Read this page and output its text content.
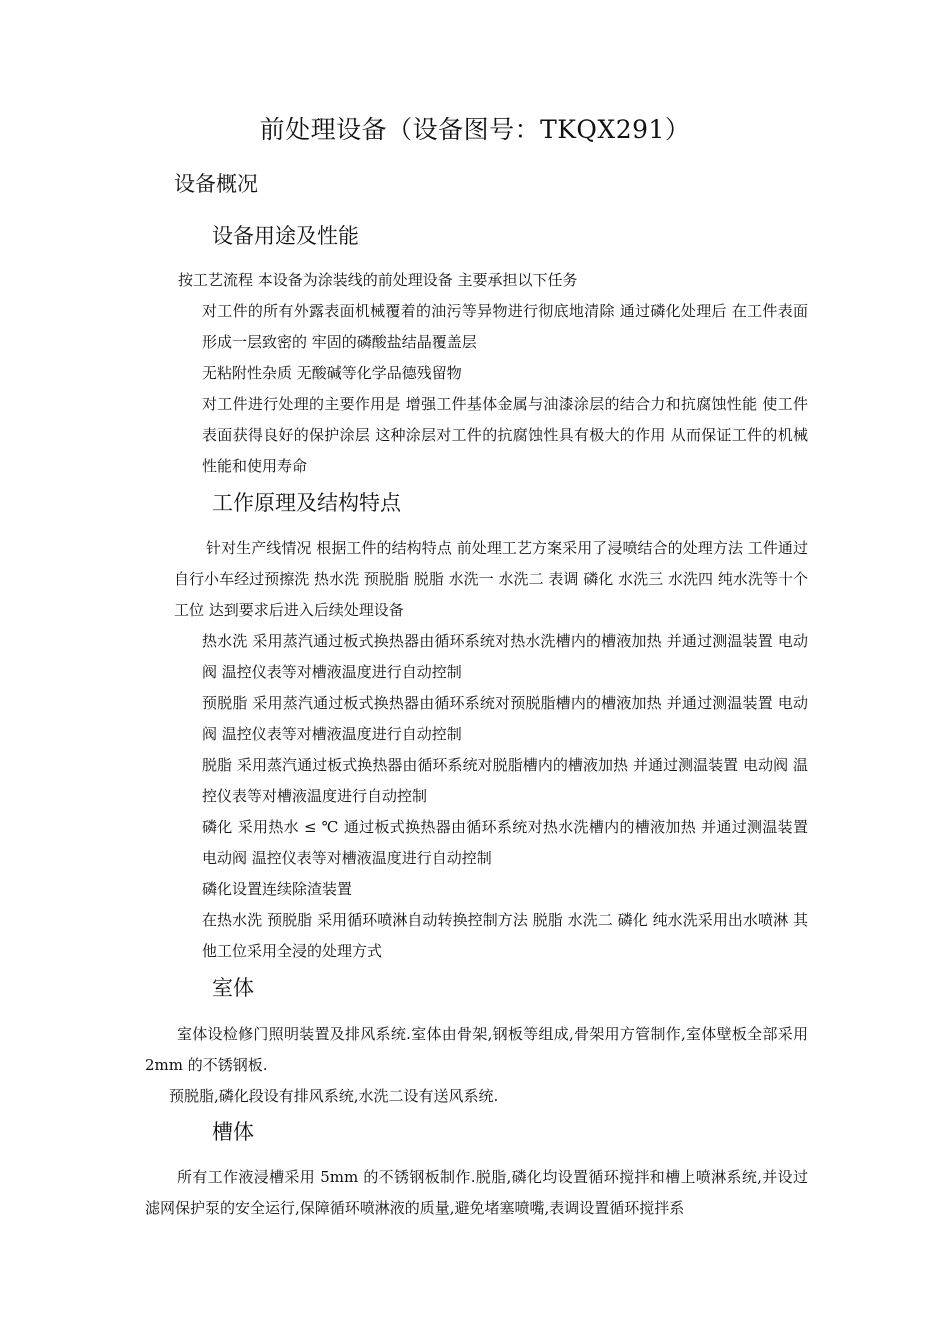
前处理设备（设备图号：TKQX291）
设备概况
设备用途及性能

按工艺流程 本设备为涂装线的前处理设备 主要承担以下任务

对工件的所有外露表面机械覆着的油污等异物进行彻底地清除 通过磷化处理后 在工件表面形成一层致密的 牢固的磷酸盐结晶覆盖层

无粘附性杂质 无酸碱等化学品德残留物

对工件进行处理的主要作用是 增强工件基体金属与油漆涂层的结合力和抗腐蚀性能 使工件表面获得良好的保护涂层 这种涂层对工件的抗腐蚀性具有极大的作用 从而保证工件的机械性能和使用寿命

工作原理及结构特点

针对生产线情况 根据工件的结构特点 前处理工艺方案采用了浸喷结合的处理方法 工件通过自行小车经过预擦洗 热水洗 预脱脂 脱脂 水洗一 水洗二 表调 磷化 水洗三 水洗四 纯水洗等十个工位 达到要求后进入后续处理设备

热水洗 采用蒸汽通过板式换热器由循环系统对热水洗槽内的槽液加热 并通过测温装置 电动阀 温控仪表等对槽液温度进行自动控制

预脱脂 采用蒸汽通过板式换热器由循环系统对预脱脂槽内的槽液加热 并通过测温装置 电动阀 温控仪表等对槽液温度进行自动控制

脱脂 采用蒸汽通过板式换热器由循环系统对脱脂槽内的槽液加热 并通过测温装置 电动阀 温控仪表等对槽液温度进行自动控制

磷化 采用热水 ≤ ℃ 通过板式换热器由循环系统对热水洗槽内的槽液加热 并通过测温装置 电动阀 温控仪表等对槽液温度进行自动控制

磷化设置连续除渣装置

在热水洗 预脱脂 采用循环喷淋自动转换控制方法 脱脂 水洗二 磷化 纯水洗采用出水喷淋 其他工位采用全浸的处理方式

室体

室体设检修门照明装置及排风系统.室体由骨架,钢板等组成,骨架用方管制作,室体壁板全部采用 2mm 的不锈钢板.

预脱脂,磷化段设有排风系统,水洗二设有送风系统.

槽体

所有工作液浸槽采用 5mm 的不锈钢板制作.脱脂,磷化均设置循环搅拌和槽上喷淋系统,并设过滤网保护泵的安全运行,保障循环喷淋液的质量,避免堵塞喷嘴,表调设置循环搅拌系
